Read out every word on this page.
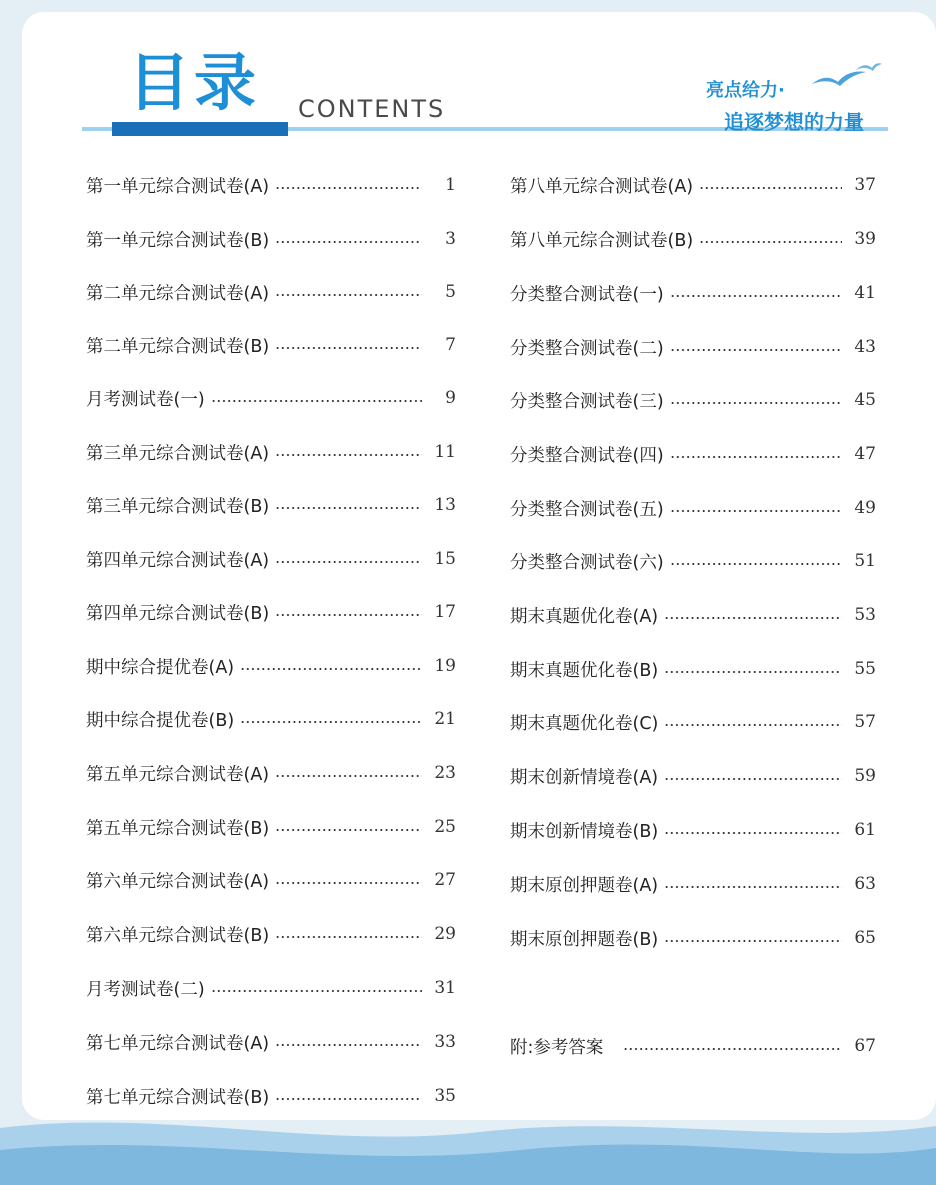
目录 CONTENTS
亮点给力·
追逐梦想的力量
第一单元综合测试卷(A)	1
第一单元综合测试卷(B)	3
第二单元综合测试卷(A)	5
第二单元综合测试卷(B)	7
月考测试卷(一)	9
第三单元综合测试卷(A)	11
第三单元综合测试卷(B)	13
第四单元综合测试卷(A)	15
第四单元综合测试卷(B)	17
期中综合提优卷(A)	19
期中综合提优卷(B)	21
第五单元综合测试卷(A)	23
第五单元综合测试卷(B)	25
第六单元综合测试卷(A)	27
第六单元综合测试卷(B)	29
月考测试卷(二)	31
第七单元综合测试卷(A)	33
第七单元综合测试卷(B)	35
第八单元综合测试卷(A)	37
第八单元综合测试卷(B)	39
分类整合测试卷(一)	41
分类整合测试卷(二)	43
分类整合测试卷(三)	45
分类整合测试卷(四)	47
分类整合测试卷(五)	49
分类整合测试卷(六)	51
期末真题优化卷(A)	53
期末真题优化卷(B)	55
期末真题优化卷(C)	57
期末创新情境卷(A)	59
期末创新情境卷(B)	61
期末原创押题卷(A)	63
期末原创押题卷(B)	65
附:参考答案	67
